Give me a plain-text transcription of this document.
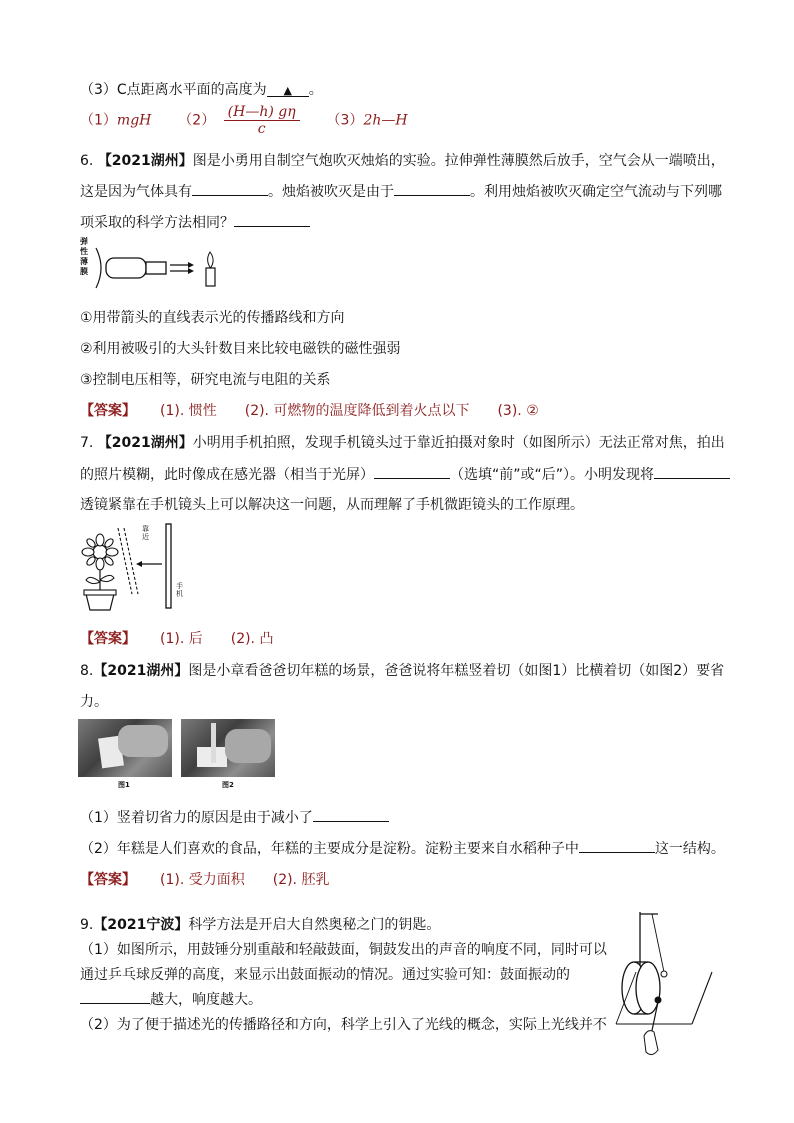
（3）C点距离水平面的高度为 ▲ 。
（1）mgH $(2) \frac{(H—h) g\eta}{c}$ （3）2h—H
6. 【2021湖州】图是小勇用自制空气炮吹灭烛焰的实验。拉伸弹性薄膜然后放手，空气会从一端喷出，
这是因为气体具有	。烛焰被吹灭是由于	。利用烛焰被吹灭确定空气流动与下列哪
项采取的科学方法相同？
弹性薄膜
①用带箭头的直线表示光的传播路线和方向
②利用被吸引的大头针数目来比较电磁铁的磁性强弱
③控制电压相等，研究电流与电阻的关系
【答案】 (1). 惯性　　(2). 可燃物的温度降低到着火点以下　　(3). ②
7. 【2021湖州】小明用手机拍照，发现手机镜头过于靠近拍摄对象时（如图所示）无法正常对焦，拍出
的照片模糊，此时像成在感光器（相当于光屏）	（选填“前”或“后”）。小明发现将
透镜紧靠在手机镜头上可以解决这一问题，从而理解了手机微距镜头的工作原理。
靠近
手机
【答案】 (1). 后　　(2). 凸
8.【2021湖州】图是小章看爸爸切年糕的场景，爸爸说将年糕竖着切（如图1）比横着切（如图2）要省
力。
图1	图2
（1）竖着切省力的原因是由于减小了
（2）年糕是人们喜欢的食品，年糕的主要成分是淀粉。淀粉主要来自水稻种子中	这一结构。
【答案】 (1). 受力面积　　(2). 胚乳
9.【2021宁波】科学方法是开启大自然奥秘之门的钥匙。
（1）如图所示，用鼓锤分别重敲和轻敲鼓面，铜鼓发出的声音的响度不同，同时可以
通过乒乓球反弹的高度，来显示出鼓面振动的情况。通过实验可知：鼓面振动的
越大，响度越大。
（2）为了便于描述光的传播路径和方向，科学上引入了光线的概念，实际上光线并不
